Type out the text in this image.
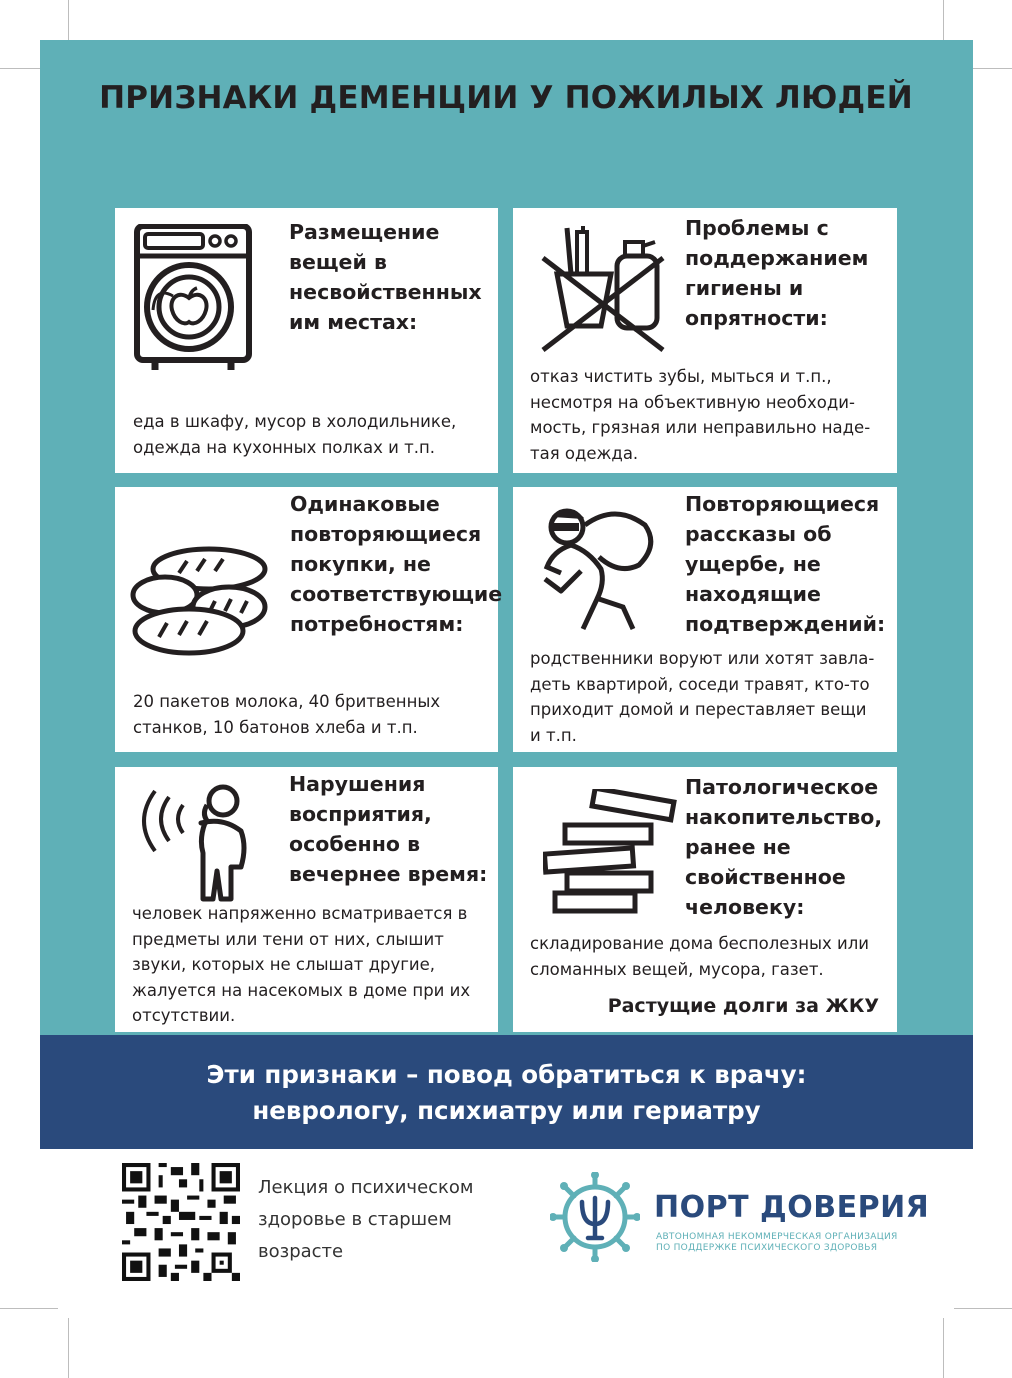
ПРИЗНАКИ ДЕМЕНЦИИ У ПОЖИЛЫХ ЛЮДЕЙ
Размещение
вещей в
несвойственных
им местах:
еда в шкафу, мусор в холодильнике,
одежда на кухонных полках и т.п.
Проблемы с
поддержанием
гигиены и
опрятности:
отказ чистить зубы, мыться и т.п.,
несмотря на объективную необходи-
мость, грязная или неправильно наде-
тая одежда.
Одинаковые
повторяющиеся
покупки, не
соответствующие
потребностям:
20 пакетов молока, 40 бритвенных
станков, 10 батонов хлеба и т.п.
Повторяющиеся
рассказы об
ущербе, не
находящие
подтверждений:
родственники воруют или хотят завла-
деть квартирой, соседи травят, кто-то
приходит домой и переставляет вещи
и т.п.
Нарушения
восприятия,
особенно в
вечернее время:
человек напряженно всматривается в
предметы или тени от них, слышит
звуки, которых не слышат другие,
жалуется на насекомых в доме при их
отсутствии.
Патологическое
накопительство,
ранее не
свойственное
человеку:
складирование дома бесполезных или
сломанных вещей, мусора, газет.
Растущие долги за ЖКУ
Эти признаки – повод обратиться к врачу:
неврологу, психиатру или гериатру
Лекция о психическом
здоровье в старшем
возрасте
ПОРТ ДОВЕРИЯ
АВТОНОМНАЯ НЕКОММЕРЧЕСКАЯ ОРГАНИЗАЦИЯ
ПО ПОДДЕРЖКЕ ПСИХИЧЕСКОГО ЗДОРОВЬЯ
